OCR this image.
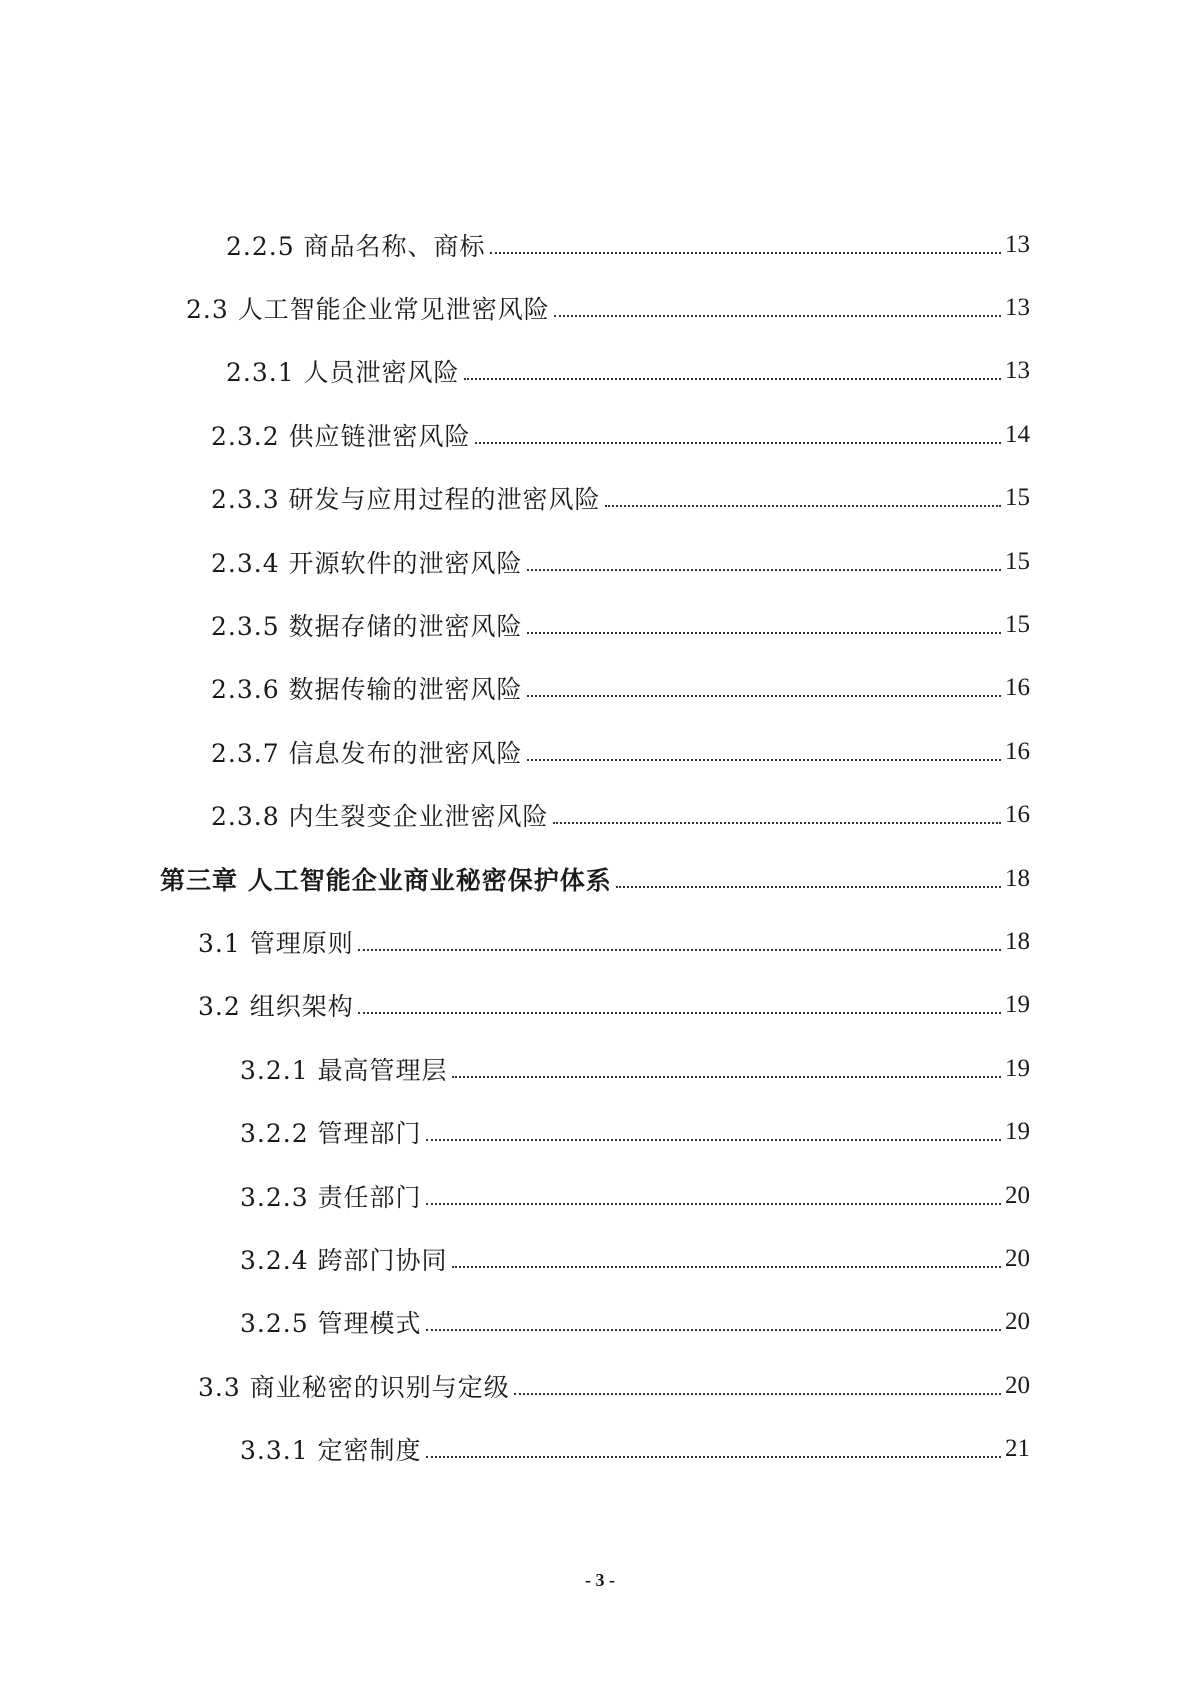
2.2.5 商品名称、商标	13
2.3 人工智能企业常见泄密风险	13
2.3.1 人员泄密风险	13
2.3.2 供应链泄密风险	14
2.3.3 研发与应用过程的泄密风险	15
2.3.4 开源软件的泄密风险	15
2.3.5 数据存储的泄密风险	15
2.3.6 数据传输的泄密风险	16
2.3.7 信息发布的泄密风险	16
2.3.8 内生裂变企业泄密风险	16
第三章 人工智能企业商业秘密保护体系	18
3.1 管理原则	18
3.2 组织架构	19
3.2.1 最高管理层	19
3.2.2 管理部门	19
3.2.3 责任部门	20
3.2.4 跨部门协同	20
3.2.5 管理模式	20
3.3 商业秘密的识别与定级	20
3.3.1 定密制度	21
- 3 -
